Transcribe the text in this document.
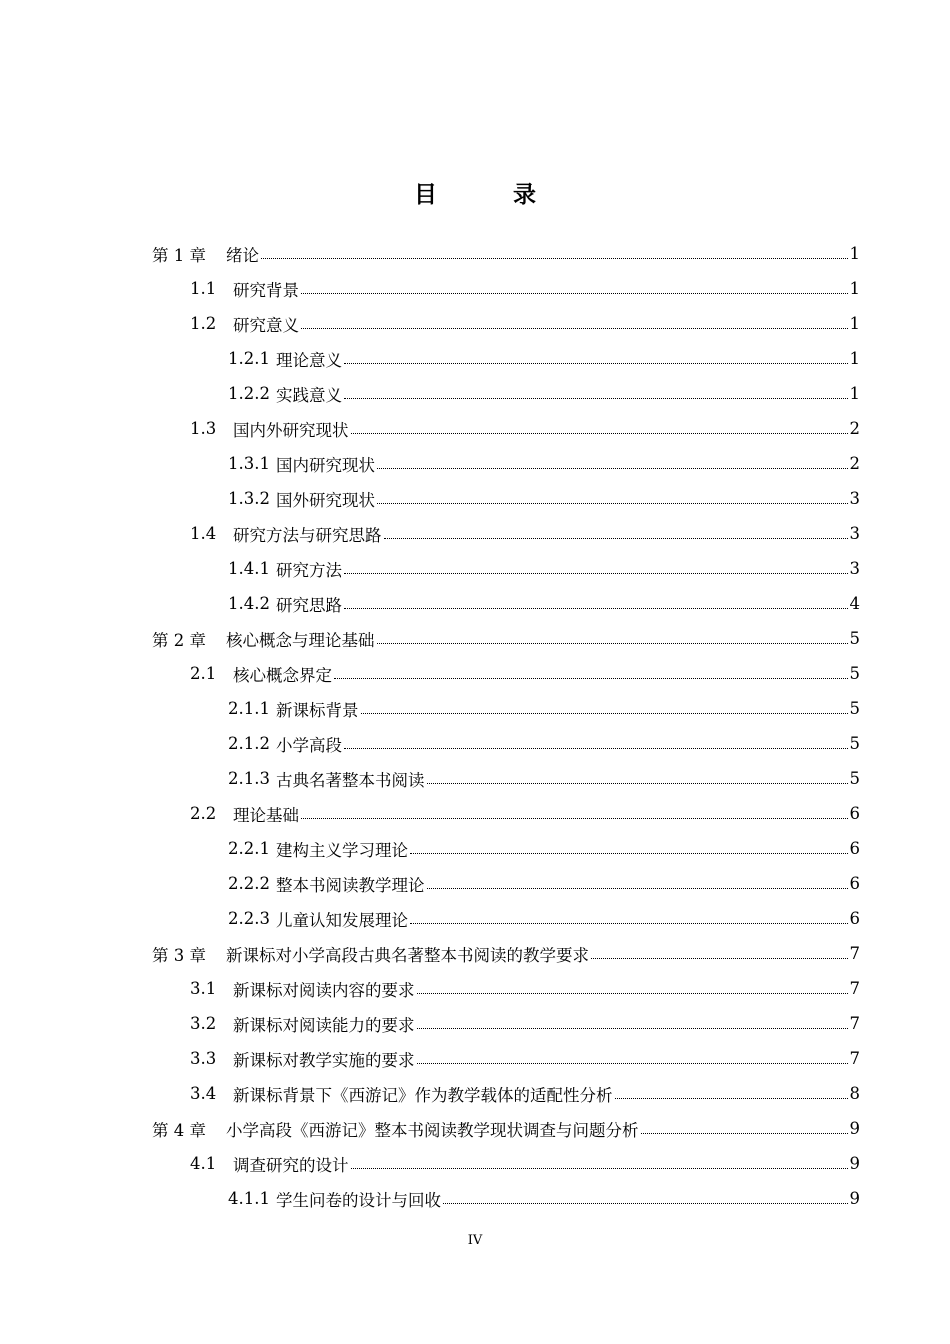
目 录
第 1 章	绪论	1
1.1	研究背景	1
1.2	研究意义	1
1.2.1 理论意义	1
1.2.2 实践意义	1
1.3	国内外研究现状	2
1.3.1 国内研究现状	2
1.3.2 国外研究现状	3
1.4	研究方法与研究思路	3
1.4.1 研究方法	3
1.4.2 研究思路	4
第 2 章	核心概念与理论基础	5
2.1	核心概念界定	5
2.1.1 新课标背景	5
2.1.2 小学高段	5
2.1.3 古典名著整本书阅读	5
2.2	理论基础	6
2.2.1 建构主义学习理论	6
2.2.2 整本书阅读教学理论	6
2.2.3 儿童认知发展理论	6
第 3 章	新课标对小学高段古典名著整本书阅读的教学要求	7
3.1	新课标对阅读内容的要求	7
3.2	新课标对阅读能力的要求	7
3.3	新课标对教学实施的要求	7
3.4	新课标背景下《西游记》作为教学载体的适配性分析	8
第 4 章	小学高段《西游记》整本书阅读教学现状调查与问题分析	9
4.1	调查研究的设计	9
4.1.1 学生问卷的设计与回收	9
IV
